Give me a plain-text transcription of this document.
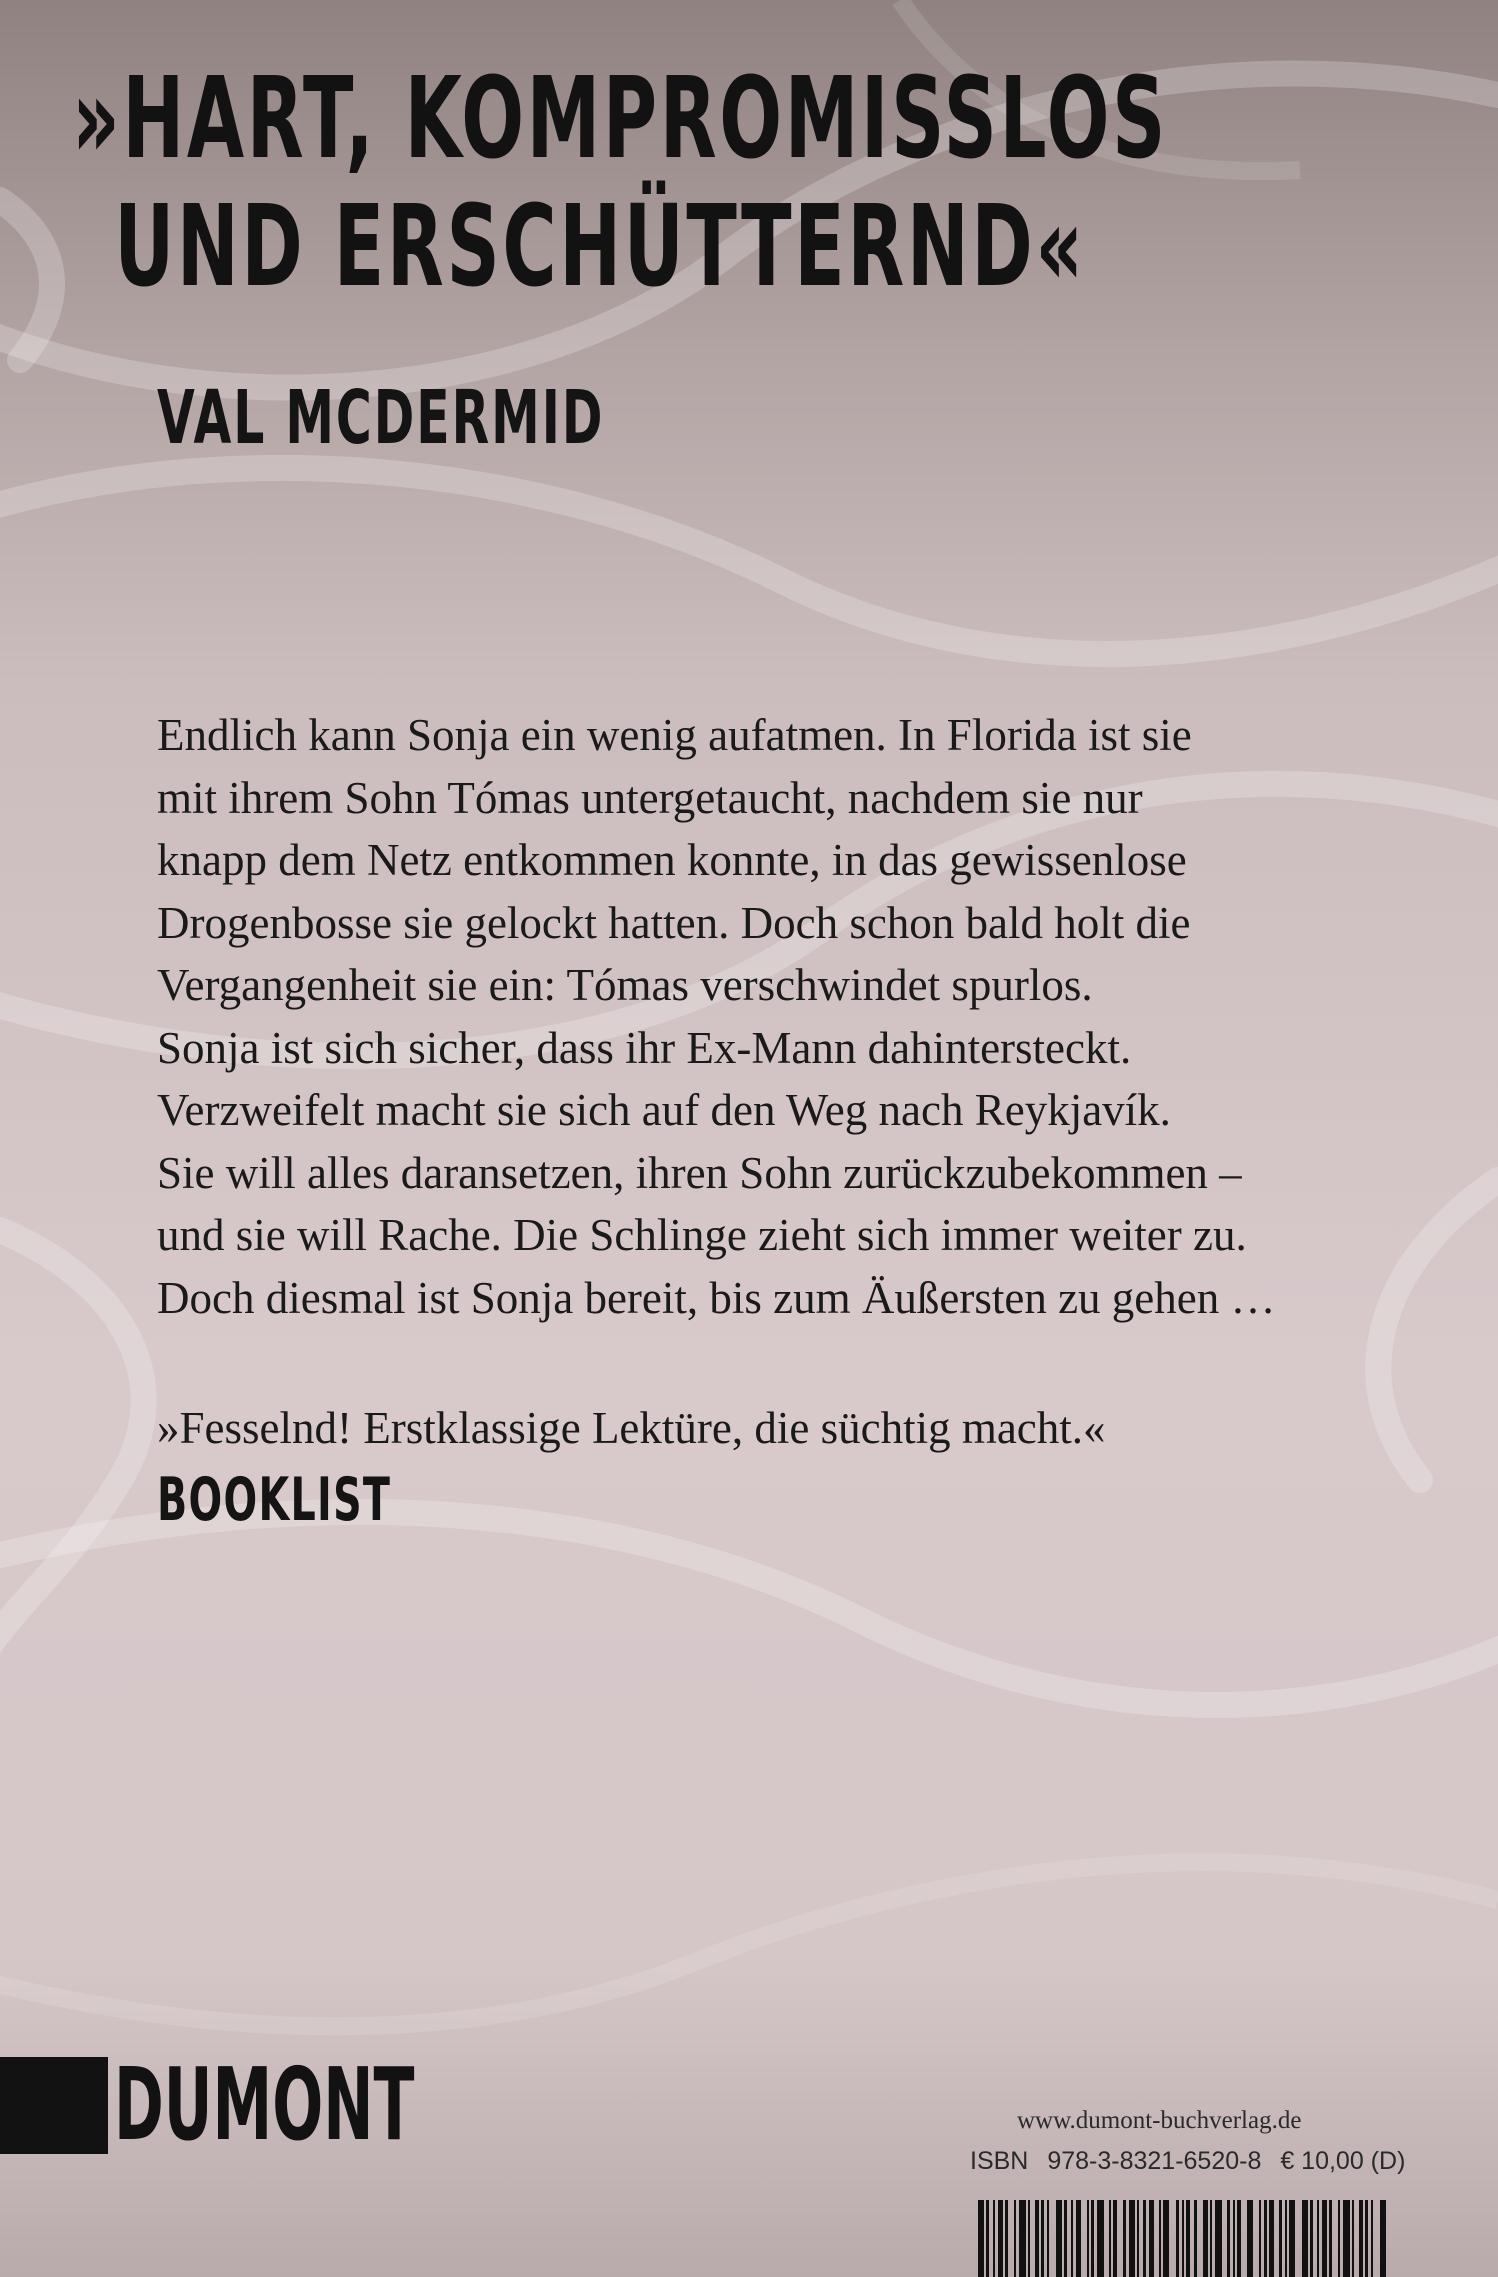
»HART, KOMPROMISSLOS
UND ERSCHÜTTERND«

VAL MCDERMID

Endlich kann Sonja ein wenig aufatmen. In Florida ist sie
mit ihrem Sohn Tómas untergetaucht, nachdem sie nur
knapp dem Netz entkommen konnte, in das gewissenlose
Drogenbosse sie gelockt hatten. Doch schon bald holt die
Vergangenheit sie ein: Tómas verschwindet spurlos.
Sonja ist sich sicher, dass ihr Ex-Mann dahintersteckt.
Verzweifelt macht sie sich auf den Weg nach Reykjavík.
Sie will alles daransetzen, ihren Sohn zurückzubekommen –
und sie will Rache. Die Schlinge zieht sich immer weiter zu.
Doch diesmal ist Sonja bereit, bis zum Äußersten zu gehen …

»Fesselnd! Erstklassige Lektüre, die süchtig macht.«

BOOKLIST

DUMONT	www.dumont-buchverlag.de

ISBN 978-3-8321-6520-8 € 10,00 (D)
